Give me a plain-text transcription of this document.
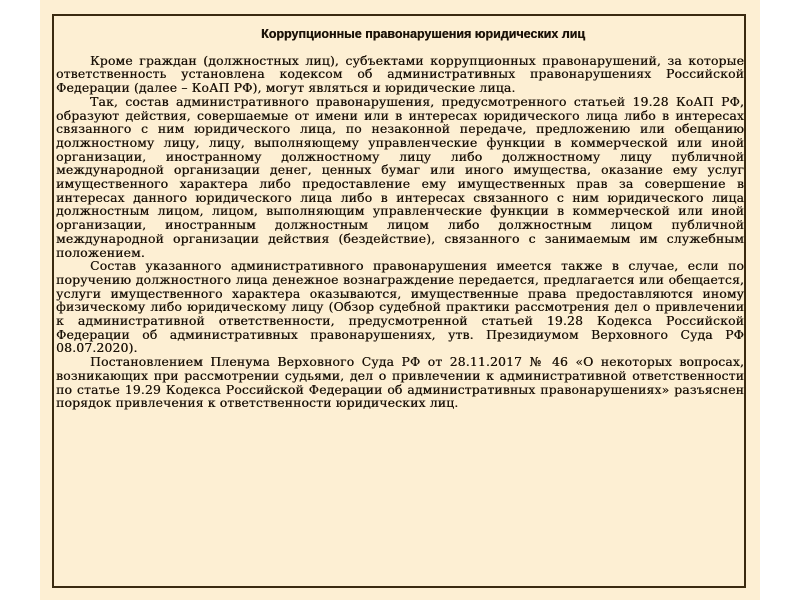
Коррупционные правонарушения юридических лиц

Кроме граждан (должностных лиц), субъектами коррупционных правонарушений, за которые ответственность установлена кодексом об административных правонарушениях Российской Федерации (далее – КоАП РФ), могут являться и юридические лица.

Так, состав административного правонарушения, предусмотренного статьей 19.28 КоАП РФ, образуют действия, совершаемые от имени или в интересах юридического лица либо в интересах связанного с ним юридического лица, по незаконной передаче, предложению или обещанию должностному лицу, лицу, выполняющему управленческие функции в коммерческой или иной организации, иностранному должностному лицу либо должностному лицу публичной международной организации денег, ценных бумаг или иного имущества, оказание ему услуг имущественного характера либо предоставление ему имущественных прав за совершение в интересах данного юридического лица либо в интересах связанного с ним юридического лица должностным лицом, лицом, выполняющим управленческие функции в коммерческой или иной организации, иностранным должностным лицом либо должностным лицом публичной международной организации действия (бездействие), связанного с занимаемым им служебным положением.

Состав указанного административного правонарушения имеется также в случае, если по поручению должностного лица денежное вознаграждение передается, предлагается или обещается, услуги имущественного характера оказываются, имущественные права предоставляются иному физическому либо юридическому лицу (Обзор судебной практики рассмотрения дел о привлечении к административной ответственности, предусмотренной статьей 19.28 Кодекса Российской Федерации об административных правонарушениях, утв. Президиумом Верховного Суда РФ 08.07.2020).

Постановлением Пленума Верховного Суда РФ от 28.11.2017 № 46 «О некоторых вопросах, возникающих при рассмотрении судьями, дел о привлечении к административной ответственности по статье 19.29 Кодекса Российской Федерации об административных правонарушениях» разъяснен порядок привлечения к ответственности юридических лиц.
